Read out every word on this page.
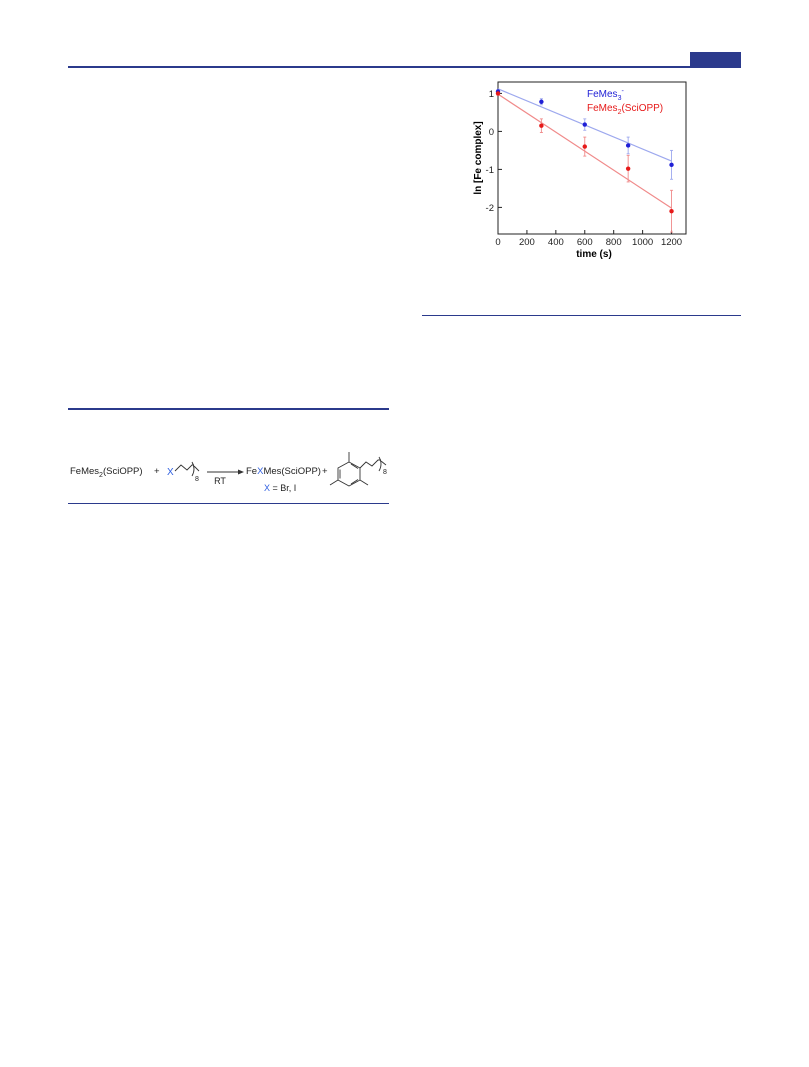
0 200 400 600 800 1000 1200
1
0
-1
-2
FeMes$_3$-
FeMes$_2$(SciOPP)
time (s)
ln [Fe complex]
FeMes$_2$(SciOPP) + X
8 RT
FeXMes(SciOPP)
X = Br, I
+	8
